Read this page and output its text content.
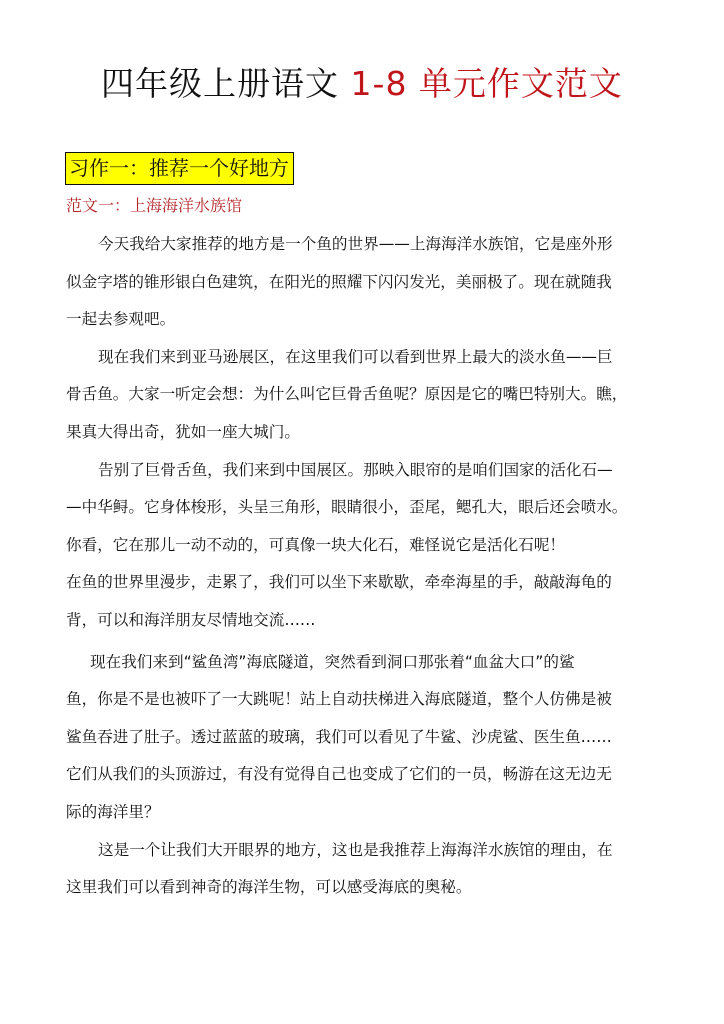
四年级上册语文 1-8 单元作文范文
习作一：推荐一个好地方
范文一：上海海洋水族馆
今天我给大家推荐的地方是一个鱼的世界——上海海洋水族馆，它是座外形
似金字塔的锥形银白色建筑，在阳光的照耀下闪闪发光，美丽极了。现在就随我
一起去参观吧。
现在我们来到亚马逊展区，在这里我们可以看到世界上最大的淡水鱼——巨
骨舌鱼。大家一听定会想：为什么叫它巨骨舌鱼呢？原因是它的嘴巴特别大。瞧，
果真大得出奇，犹如一座大城门。
告别了巨骨舌鱼，我们来到中国展区。那映入眼帘的是咱们国家的活化石—
—中华鲟。它身体梭形，头呈三角形，眼睛很小，歪尾，鳃孔大，眼后还会喷水。
你看，它在那儿一动不动的，可真像一块大化石，难怪说它是活化石呢！
在鱼的世界里漫步，走累了，我们可以坐下来歇歇，牵牵海星的手，敲敲海龟的
背，可以和海洋朋友尽情地交流……
现在我们来到“鲨鱼湾”海底隧道，突然看到洞口那张着“血盆大口”的鲨
鱼，你是不是也被吓了一大跳呢！站上自动扶梯进入海底隧道，整个人仿佛是被
鲨鱼吞进了肚子。透过蓝蓝的玻璃，我们可以看见了牛鲨、沙虎鲨、医生鱼……
它们从我们的头顶游过，有没有觉得自己也变成了它们的一员，畅游在这无边无
际的海洋里？
这是一个让我们大开眼界的地方，这也是我推荐上海海洋水族馆的理由，在
这里我们可以看到神奇的海洋生物，可以感受海底的奥秘。
